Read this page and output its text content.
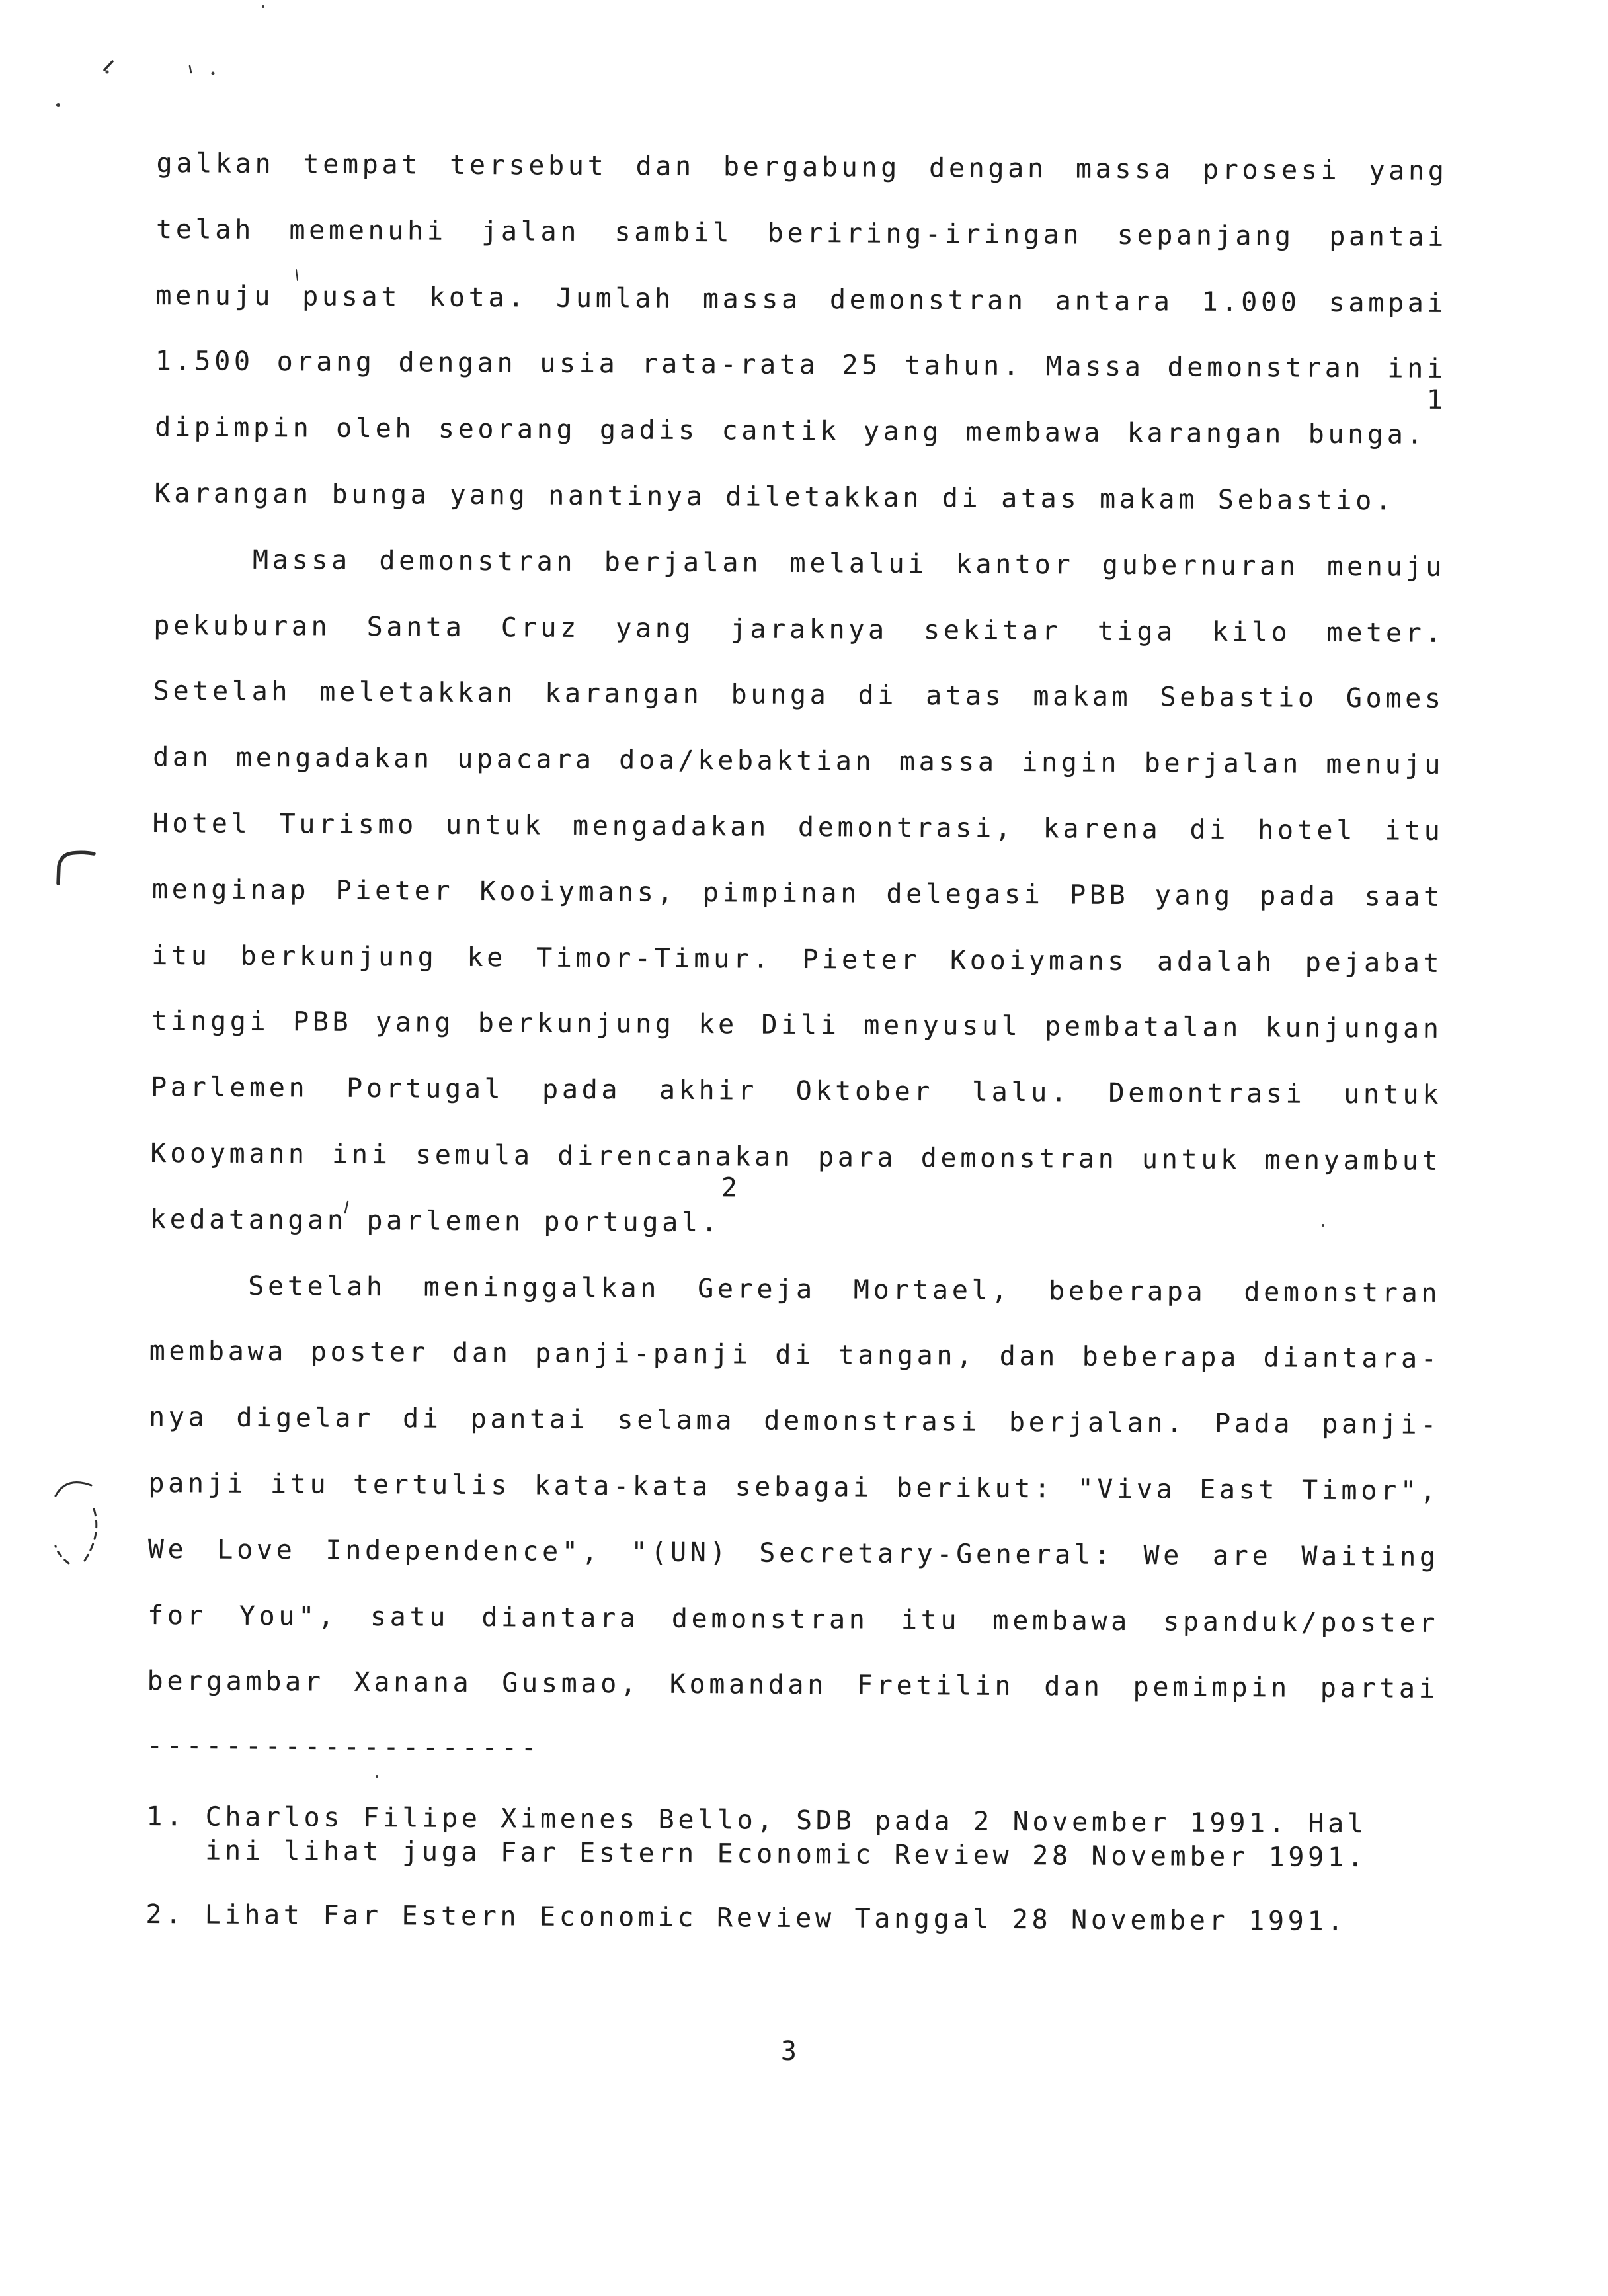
galkan tempat tersebut dan bergabung dengan massa prosesi yang
telah memenuhi jalan sambil beriring-iringan sepanjang pantai
menuju pusat kota. Jumlah massa demonstran antara 1.000 sampai
1.500 orang dengan usia rata-rata 25 tahun. Massa demonstran ini
dipimpin oleh seorang gadis cantik yang membawa karangan bunga.1
Karangan bunga yang nantinya diletakkan di atas makam Sebastio.
Massa demonstran berjalan melalui kantor gubernuran menuju
pekuburan Santa Cruz yang jaraknya sekitar tiga kilo meter.
Setelah meletakkan karangan bunga di atas makam Sebastio Gomes
dan mengadakan upacara doa/kebaktian massa ingin berjalan menuju
Hotel Turismo untuk mengadakan demontrasi, karena di hotel itu
menginap Pieter Kooiymans, pimpinan delegasi PBB yang pada saat
itu berkunjung ke Timor-Timur. Pieter Kooiymans adalah pejabat
tinggi PBB yang berkunjung ke Dili menyusul pembatalan kunjungan
Parlemen Portugal pada akhir Oktober lalu. Demontrasi untuk
Kooymann ini semula direncanakan para demonstran untuk menyambut
kedatangan parlemen portugal.2
Setelah meninggalkan Gereja Mortael, beberapa demonstran
membawa poster dan panji-panji di tangan, dan beberapa diantara-
nya digelar di pantai selama demonstrasi berjalan. Pada panji-
panji itu tertulis kata-kata sebagai berikut: "Viva East Timor",
We Love Independence", "(UN) Secretary-General: We are Waiting
for You", satu diantara demonstran itu membawa spanduk/poster
bergambar Xanana Gusmao, Komandan Fretilin dan pemimpin partai
--------------------
1. Charlos Filipe Ximenes Bello, SDB pada 2 November 1991. Hal
ini lihat juga Far Estern Economic Review 28 November 1991.
2. Lihat Far Estern Economic Review Tanggal 28 November 1991.
3
